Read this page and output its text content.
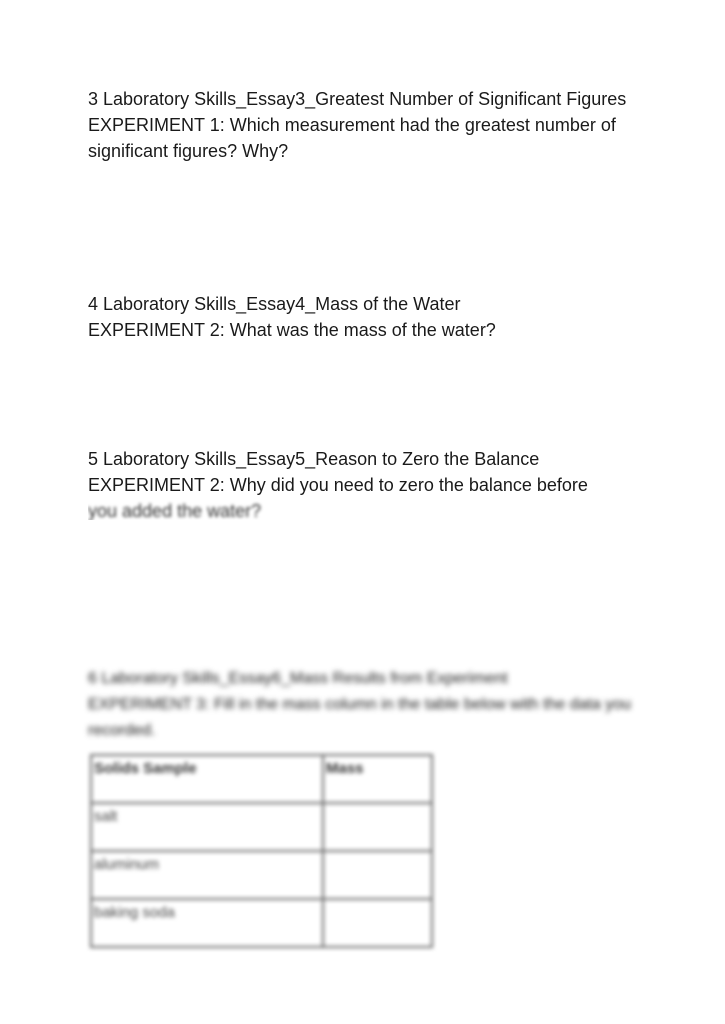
3 Laboratory Skills_Essay3_Greatest Number of Significant Figures
EXPERIMENT 1: Which measurement had the greatest number of significant figures? Why?
4 Laboratory Skills_Essay4_Mass of the Water
EXPERIMENT 2: What was the mass of the water?
5 Laboratory Skills_Essay5_Reason to Zero the Balance
EXPERIMENT 2: Why did you need to zero the balance before
you added the water?
6 Laboratory Skills_Essay6_Mass Results from Experiment
EXPERIMENT 3: Fill in the mass column in the table below with the data you recorded.
Solids Sample	Mass
salt	
aluminum	
baking soda	
